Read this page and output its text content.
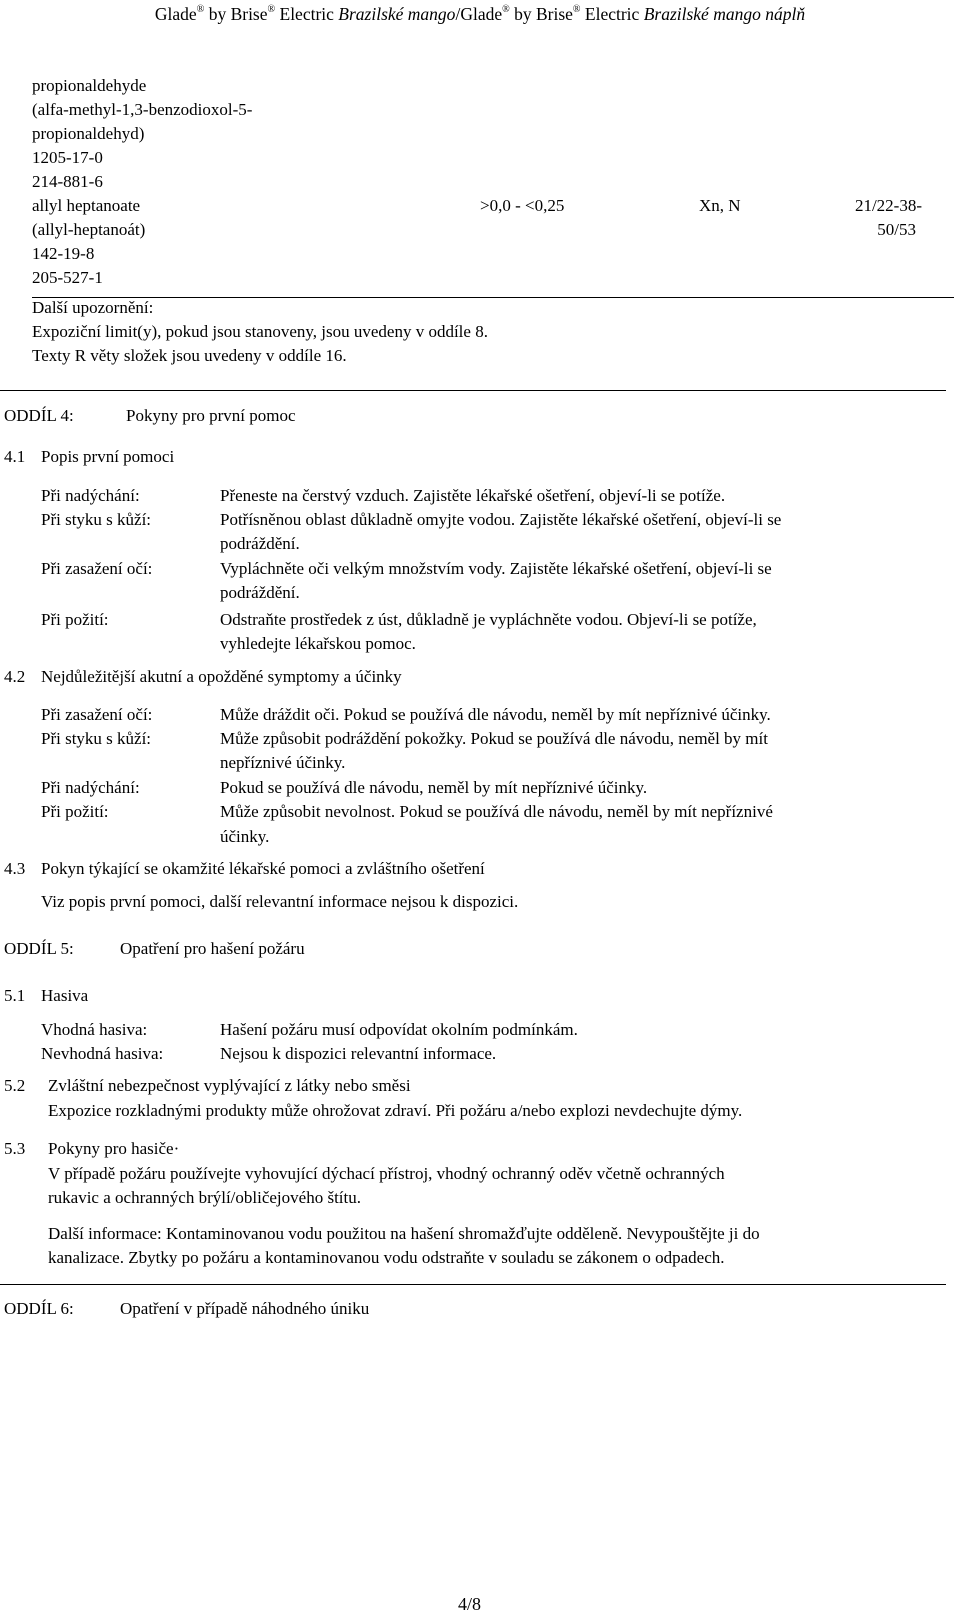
Glade® by Brise® Electric Brazilské mango/Glade® by Brise® Electric Brazilské mango náplň
propionaldehyde
(alfa-methyl-1,3-benzodioxol-5-
propionaldehyd)
1205-17-0
214-881-6
allyl heptanoate
(allyl-heptanoát)
142-19-8
205-527-1
>0,0 - <0,25	Xn, N	21/22-38-
50/53
Další upozornění:
Expoziční limit(y), pokud jsou stanoveny, jsou uvedeny v oddíle 8.
Texty R věty složek jsou uvedeny v oddíle 16.
ODDÍL 4:	Pokyny pro první pomoc
4.1 Popis první pomoci
Při nadýchání:	Přeneste na čerstvý vzduch. Zajistěte lékařské ošetření, objeví-li se potíže.
Při styku s kůží:	Potřísněnou oblast důkladně omyjte vodou. Zajistěte lékařské ošetření, objeví-li se
podráždění.
Při zasažení očí:	Vypláchněte oči velkým množstvím vody. Zajistěte lékařské ošetření, objeví-li se
podráždění.
Při požití:	Odstraňte prostředek z úst, důkladně je vypláchněte vodou. Objeví-li se potíže,
vyhledejte lékařskou pomoc.
4.2 Nejdůležitější akutní a opožděné symptomy a účinky
Při zasažení očí:	Může dráždit oči. Pokud se používá dle návodu, neměl by mít nepříznivé účinky.
Při styku s kůží:	Může způsobit podráždění pokožky. Pokud se používá dle návodu, neměl by mít
nepříznivé účinky.
Při nadýchání:	Pokud se používá dle návodu, neměl by mít nepříznivé účinky.
Při požití:	Může způsobit nevolnost. Pokud se používá dle návodu, neměl by mít nepříznivé
účinky.
4.3 Pokyn týkající se okamžité lékařské pomoci a zvláštního ošetření
Viz popis první pomoci, další relevantní informace nejsou k dispozici.
ODDÍL 5:	Opatření pro hašení požáru
5.1 Hasiva
Vhodná hasiva:	Hašení požáru musí odpovídat okolním podmínkám.
Nevhodná hasiva:	Nejsou k dispozici relevantní informace.
5.2 Zvláštní nebezpečnost vyplývající z látky nebo směsi
Expozice rozkladnými produkty může ohrožovat zdraví. Při požáru a/nebo explozi nevdechujte dýmy.
5.3 Pokyny pro hasiče·
V případě požáru používejte vyhovující dýchací přístroj, vhodný ochranný oděv včetně ochranných
rukavic a ochranných brýlí/obličejového štítu.
Další informace: Kontaminovanou vodu použitou na hašení shromažďujte odděleně. Nevypouštějte ji do
kanalizace. Zbytky po požáru a kontaminovanou vodu odstraňte v souladu se zákonem o odpadech.
ODDÍL 6:	Opatření v případě náhodného úniku
4/8
